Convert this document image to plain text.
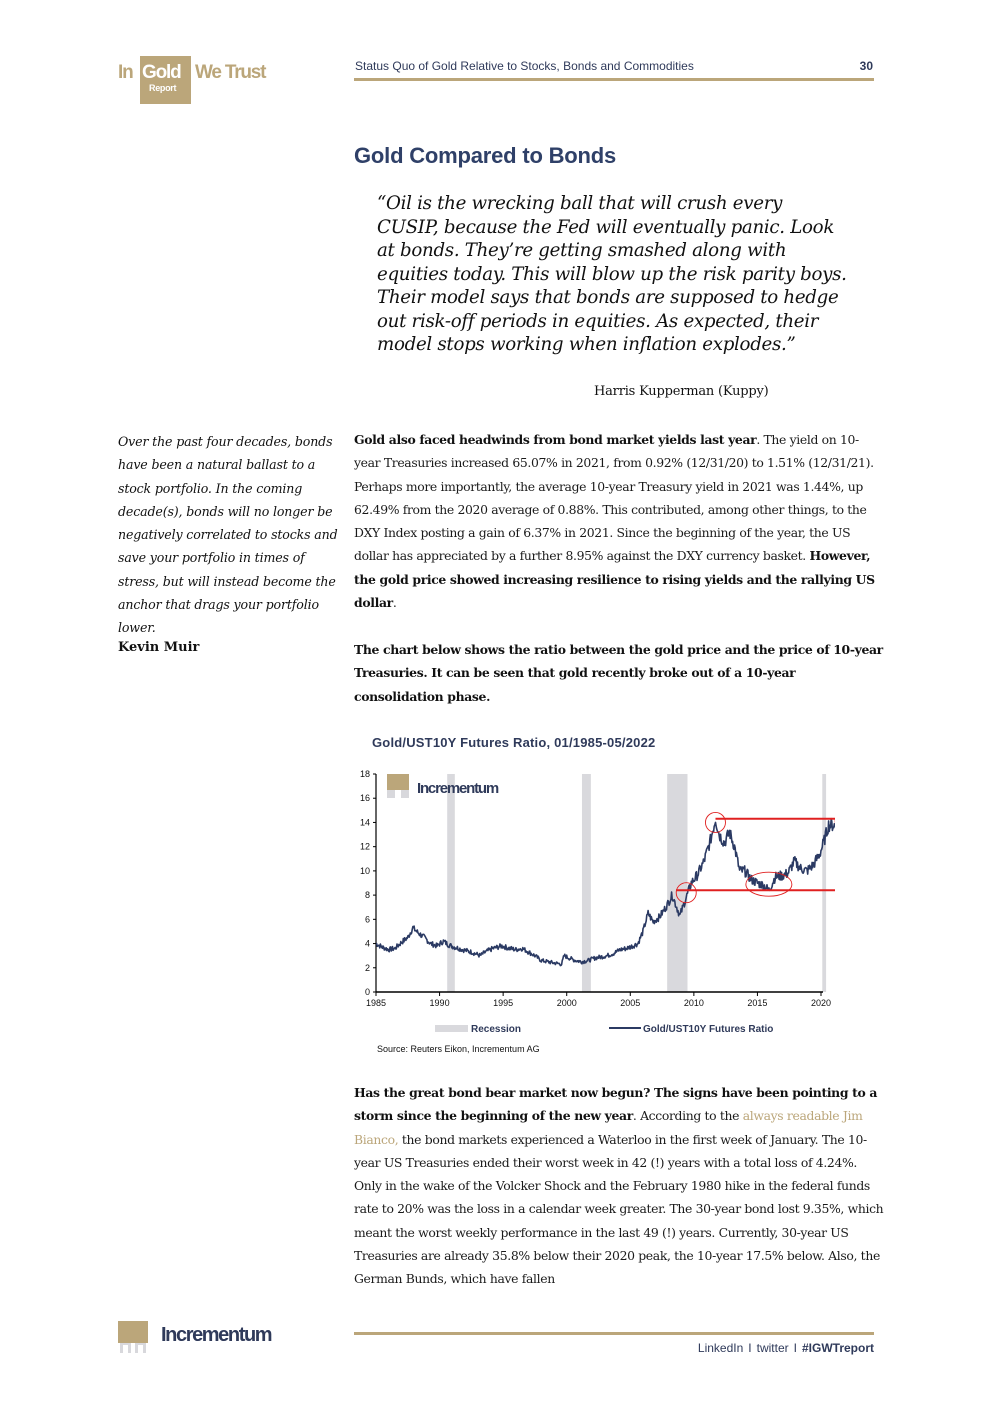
In Gold We Trust
Report
Status Quo of Gold Relative to Stocks, Bonds and Commodities	30
Gold Compared to Bonds
“Oil is the wrecking ball that will crush every CUSIP, because the Fed will eventually panic. Look at bonds. They’re getting smashed along with equities today. This will blow up the risk parity boys. Their model says that bonds are supposed to hedge out risk-off periods in equities. As expected, their model stops working when inflation explodes.”
Harris Kupperman (Kuppy)
Over the past four decades, bonds have been a natural ballast to a stock portfolio. In the coming decade(s), bonds will no longer be negatively correlated to stocks and save your portfolio in times of stress, but will instead become the anchor that drags your portfolio lower.
Kevin Muir

Gold also faced headwinds from bond market yields last year. The yield on 10-year Treasuries increased 65.07% in 2021, from 0.92% (12/31/20) to 1.51% (12/31/21). Perhaps more importantly, the average 10-year Treasury yield in 2021 was 1.44%, up 62.49% from the 2020 average of 0.88%. This contributed, among other things, to the DXY Index posting a gain of 6.37% in 2021. Since the beginning of the year, the US dollar has appreciated by a further 8.95% against the DXY currency basket. However, the gold price showed increasing resilience to rising yields and the rallying US dollar.

The chart below shows the ratio between the gold price and the price of 10-year Treasuries. It can be seen that gold recently broke out of a 10-year consolidation phase.

Gold/UST10Y Futures Ratio, 01/1985-05/2022
Incrementum
0
2
4
6
8
10
12
14
16
18
1985	1990	1995	2000	2005	2010	2015	2020
Recession	Gold/UST10Y Futures Ratio
Source: Reuters Eikon, Incrementum AG

Has the great bond bear market now begun? The signs have been pointing to a storm since the beginning of the new year. According to the always readable Jim Bianco, the bond markets experienced a Waterloo in the first week of January. The 10-year US Treasuries ended their worst week in 42 (!) years with a total loss of 4.24%. Only in the wake of the Volcker Shock and the February 1980 hike in the federal funds rate to 20% was the loss in a calendar week greater. The 30-year bond lost 9.35%, which meant the worst weekly performance in the last 49 (!) years. Currently, 30-year US Treasuries are already 35.8% below their 2020 peak, the 10-year 17.5% below. Also, the German Bunds, which have fallen

Incrementum
LinkedIn I twitter I #IGWTreport
